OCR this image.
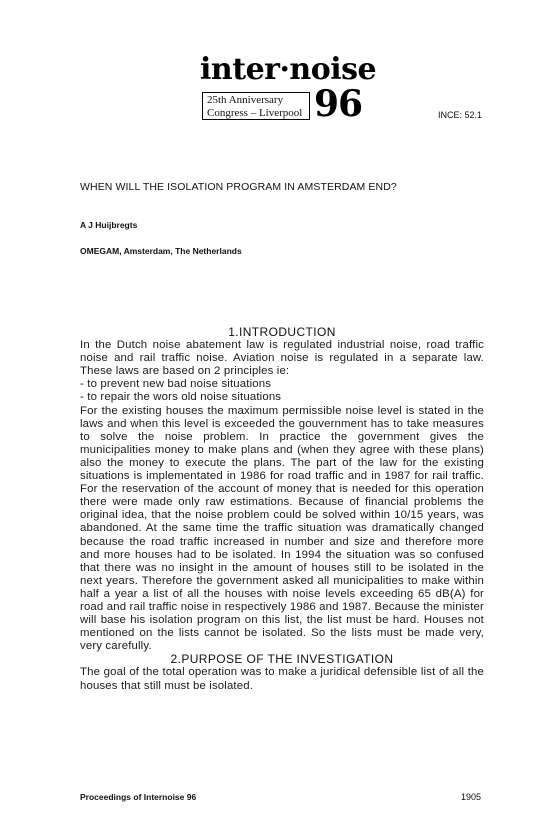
inter·noise
25th Anniversary
Congress – Liverpool 96	INCE: 52.1
WHEN WILL THE ISOLATION PROGRAM IN AMSTERDAM END?
A J Huijbregts
OMEGAM, Amsterdam, The Netherlands
1.INTRODUCTION
In the Dutch noise abatement law is regulated industrial noise, road traffic noise and rail traffic noise. Aviation noise is regulated in a separate law. These laws are based on 2 principles ie:
- to prevent new bad noise situations
- to repair the wors old noise situations
For the existing houses the maximum permissible noise level is stated in the laws and when this level is exceeded the gouvernment has to take measures to solve the noise problem. In practice the government gives the municipalities money to make plans and (when they agree with these plans) also the money to execute the plans. The part of the law for the existing situations is implementated in 1986 for road traffic and in 1987 for rail traffic. For the reservation of the account of money that is needed for this operation there were made only raw estimations. Because of financial problems the original idea, that the noise problem could be solved within 10/15 years, was abandoned. At the same time the traffic situation was dramatically changed because the road traffic increased in number and size and therefore more and more houses had to be isolated. In 1994 the situation was so confused that there was no insight in the amount of houses still to be isolated in the next years. Therefore the government asked all municipalities to make within half a year a list of all the houses with noise levels exceeding 65 dB(A) for road and rail traffic noise in respectively 1986 and 1987. Because the minister will base his isolation program on this list, the list must be hard. Houses not mentioned on the lists cannot be isolated. So the lists must be made very, very carefully.
2.PURPOSE OF THE INVESTIGATION
The goal of the total operation was to make a juridical defensible list of all the houses that still must be isolated.
Proceedings of Internoise 96	1905
